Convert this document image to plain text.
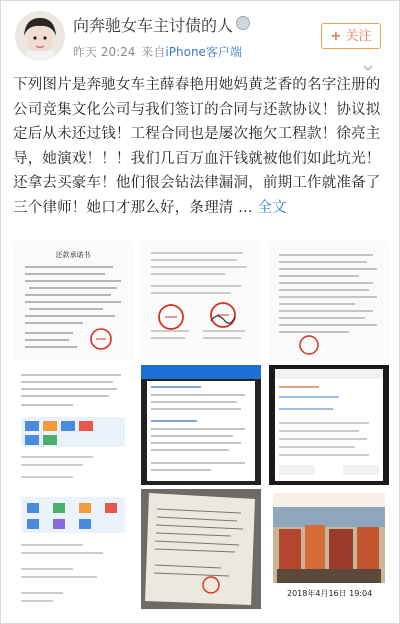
向奔驰女车主讨债的人
昨天 20:24 来自iPhone客户端
+ 关注
下列图片是奔驰女车主薛春艳用她妈黄芝香的名字注册的公司竞集文化公司与我们签订的合同与还款协议！协议拟定后从未还过钱！工程合同也是屡次拖欠工程款！徐亮主导，她演戏！！！我们几百万血汗钱就被他们如此坑光！还拿去买豪车！他们很会钻法律漏洞，前期工作就准备了三个律师！她口才那么好，条理清 ... 全文
还款承诺书
2018年4月16日 19:04
